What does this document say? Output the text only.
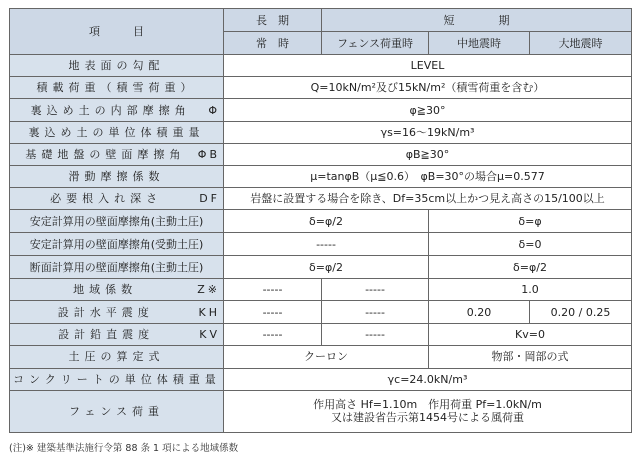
項　　　目	長　期	短　　　　期		
	常　時	フェンス荷重時	中地震時	大地震時
地表面の勾配	LEVEL			
積載荷重（積雪荷重）	Q=10kN/m²及び15kN/m²（積雪荷重を含む）			
裏込め土の内部摩擦角 Φ	φ≧30°			
裏込め土の単位体積重量	γs=16〜19kN/m³			
基礎地盤の壁面摩擦角 ΦB	φB≧30°			
滑動摩擦係数	μ=tanφB（μ≦0.6）　φB=30°の場合μ=0.577			
必要根入れ深さ DF	岩盤に設置する場合を除き、Df=35cm以上かつ見え高さの15/100以上			
安定計算用の壁面摩擦角(主動土圧)	δ=φ/2		δ=φ	
安定計算用の壁面摩擦角(受動土圧)	-----		δ=0	
断面計算用の壁面摩擦角(主動土圧)	δ=φ/2		δ=φ/2	
地域係数 Z※	-----	-----	1.0	
設計水平震度 KH	-----	-----	0.20	0.20 / 0.25
設計鉛直震度 KV	-----	-----	Kv=0	
土圧の算定式	クーロン		物部・岡部の式	
コンクリートの単位体積重量	γc=24.0kN/m³			
フェンス荷重	作用高さ Hf=1.10m　作用荷重 Pf=1.0kN/m
又は建設省告示第1454号による風荷重			
(注)※ 建築基準法施行令第 88 条 1 項による地域係数
